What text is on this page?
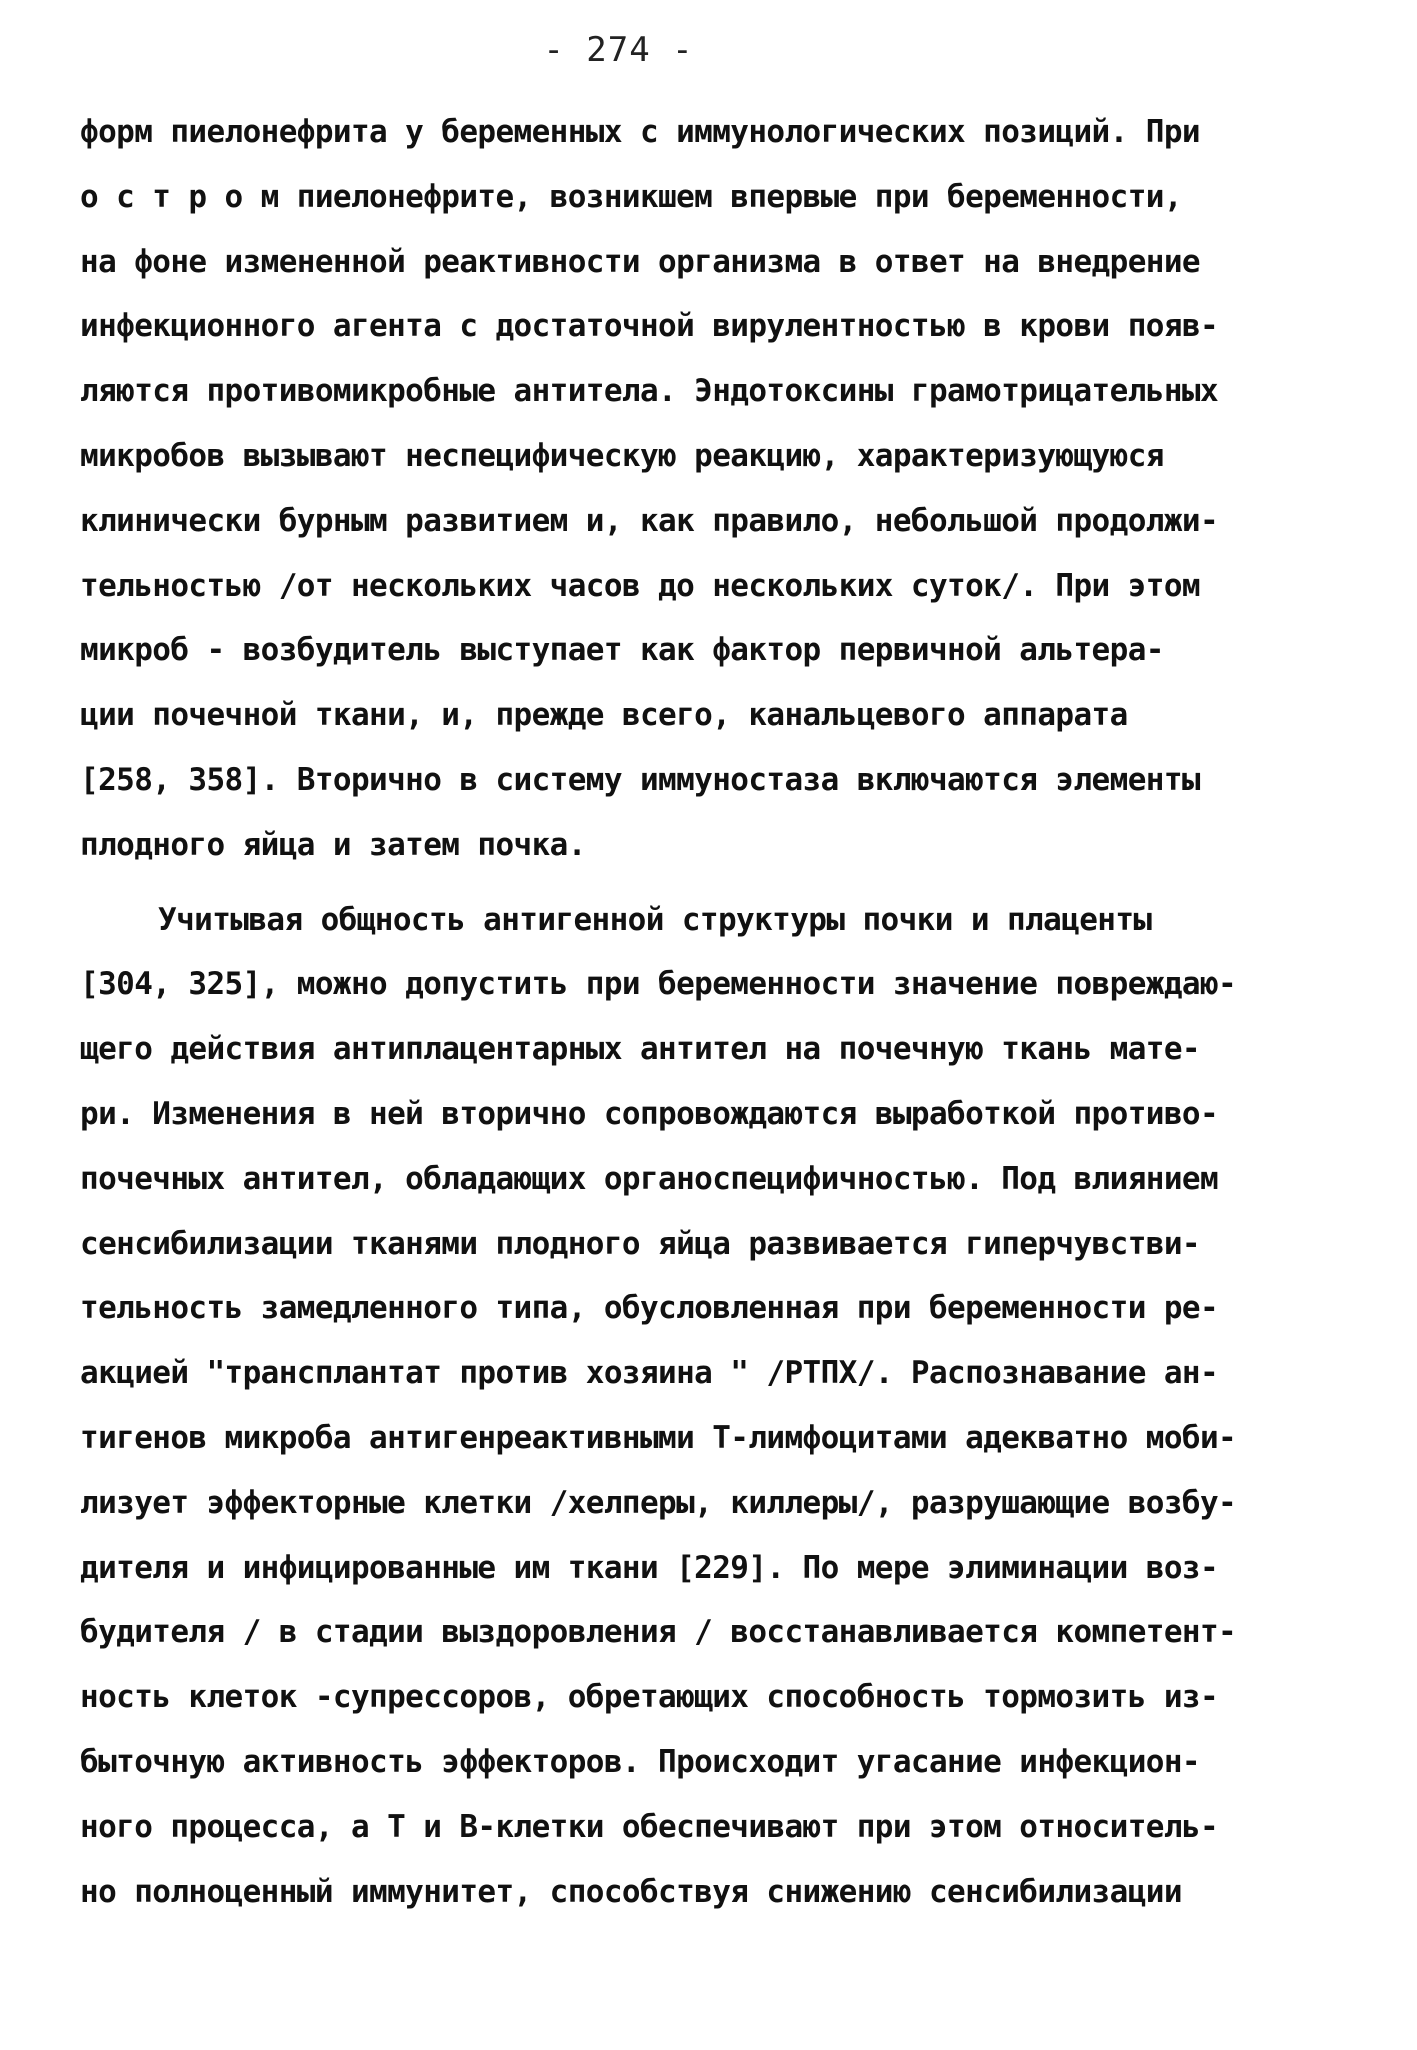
- 274 -
форм пиелонефрита у беременных с иммунологических позиций. При
о с т р о м пиелонефрите, возникшем впервые при беременности,
на фоне измененной реактивности организма в ответ на внедрение
инфекционного агента с достаточной вирулентностью в крови появ-
ляются противомикробные антитела. Эндотоксины грамотрицательных
микробов вызывают неспецифическую реакцию, характеризующуюся
клинически бурным развитием и, как правило, небольшой продолжи-
тельностью /от нескольких часов до нескольких суток/. При этом
микроб - возбудитель выступает как фактор первичной альтера-
ции почечной ткани, и, прежде всего, канальцевого аппарата
[258, 358]. Вторично в систему иммуностаза включаются элементы
плодного яйца и затем почка.
Учитывая общность антигенной структуры почки и плаценты
[304, 325], можно допустить при беременности значение повреждаю-
щего действия антиплацентарных антител на почечную ткань мате-
ри. Изменения в ней вторично сопровождаются выработкой противо-
почечных антител, обладающих органоспецифичностью. Под влиянием
сенсибилизации тканями плодного яйца развивается гиперчувстви-
тельность замедленного типа, обусловленная при беременности ре-
акцией "трансплантат против хозяина " /РТПХ/. Распознавание ан-
тигенов микроба антигенреактивными Т-лимфоцитами адекватно моби-
лизует эффекторные клетки /хелперы, киллеры/, разрушающие возбу-
дителя и инфицированные им ткани [229]. По мере элиминации воз-
будителя / в стадии выздоровления / восстанавливается компетент-
ность клеток -супрессоров, обретающих способность тормозить из-
быточную активность эффекторов. Происходит угасание инфекцион-
ного процесса, а Т и В-клетки обеспечивают при этом относитель-
но полноценный иммунитет, способствуя снижению сенсибилизации
